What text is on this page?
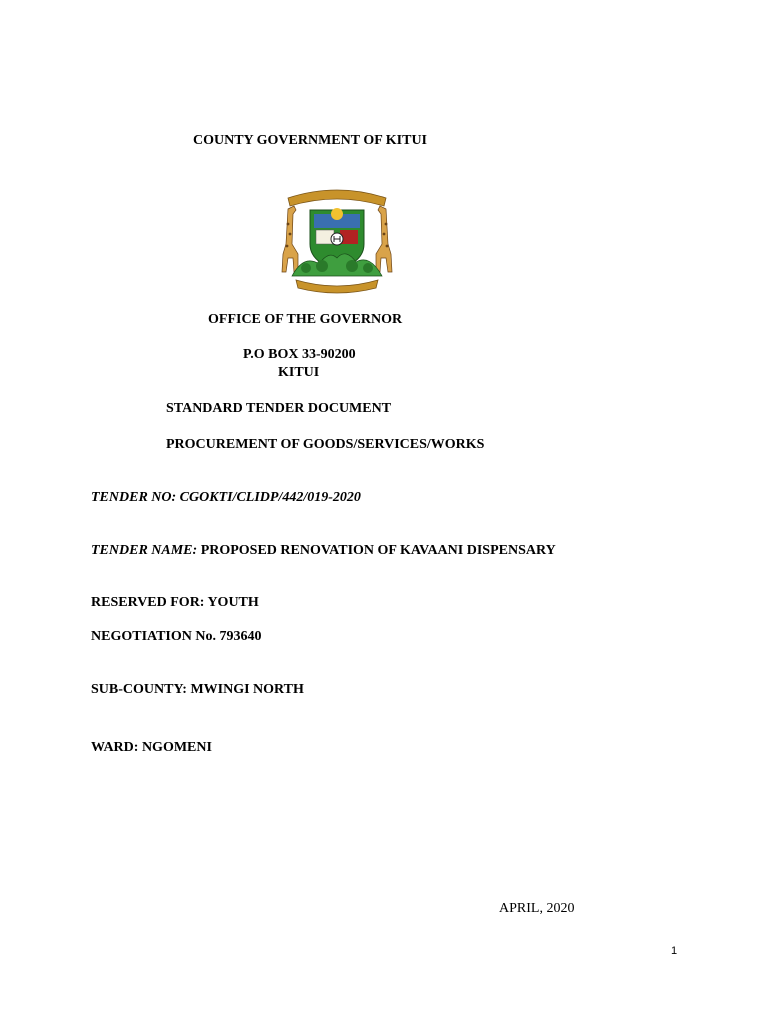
COUNTY GOVERNMENT OF KITUI
OFFICE OF THE GOVERNOR
P.O BOX 33-90200
KITUI
STANDARD TENDER DOCUMENT
PROCUREMENT OF GOODS/SERVICES/WORKS
TENDER NO: CGOKTI/CLIDP/442/019-2020
TENDER NAME: PROPOSED RENOVATION OF KAVAANI DISPENSARY
RESERVED FOR: YOUTH
NEGOTIATION No. 793640
SUB-COUNTY: MWINGI NORTH
WARD: NGOMENI
APRIL, 2020
1
